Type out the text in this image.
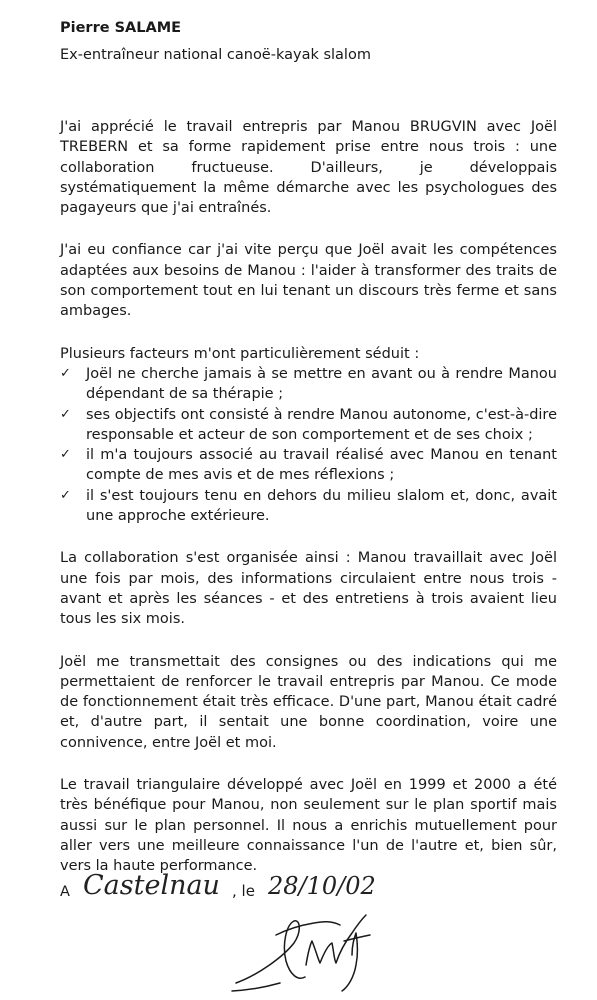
Pierre SALAME
Ex-entraîneur national canoë-kayak slalom

J'ai apprécié le travail entrepris par Manou BRUGVIN avec Joël TREBERN et sa forme rapidement prise entre nous trois : une collaboration fructueuse. D'ailleurs, je développais systématiquement la même démarche avec les psychologues des pagayeurs que j'ai entraînés.

J'ai eu confiance car j'ai vite perçu que Joël avait les compétences adaptées aux besoins de Manou : l'aider à transformer des traits de son comportement tout en lui tenant un discours très ferme et sans ambages.

Plusieurs facteurs m'ont particulièrement séduit :

✓ Joël ne cherche jamais à se mettre en avant ou à rendre Manou dépendant de sa thérapie ;
✓ ses objectifs ont consisté à rendre Manou autonome, c'est-à-dire responsable et acteur de son comportement et de ses choix ;
✓ il m'a toujours associé au travail réalisé avec Manou en tenant compte de mes avis et de mes réflexions ;
✓ il s'est toujours tenu en dehors du milieu slalom et, donc, avait une approche extérieure.

La collaboration s'est organisée ainsi : Manou travaillait avec Joël une fois par mois, des informations circulaient entre nous trois - avant et après les séances - et des entretiens à trois avaient lieu tous les six mois.

Joël me transmettait des consignes ou des indications qui me permettaient de renforcer le travail entrepris par Manou. Ce mode de fonctionnement était très efficace. D'une part, Manou était cadré et, d'autre part, il sentait une bonne coordination, voire une connivence, entre Joël et moi.

Le travail triangulaire développé avec Joël en 1999 et 2000 a été très bénéfique pour Manou, non seulement sur le plan sportif mais aussi sur le plan personnel. Il nous a enrichis mutuellement pour aller vers une meilleure connaissance l'un de l'autre et, bien sûr, vers la haute performance.

A Castelnau , le 28/10/02
